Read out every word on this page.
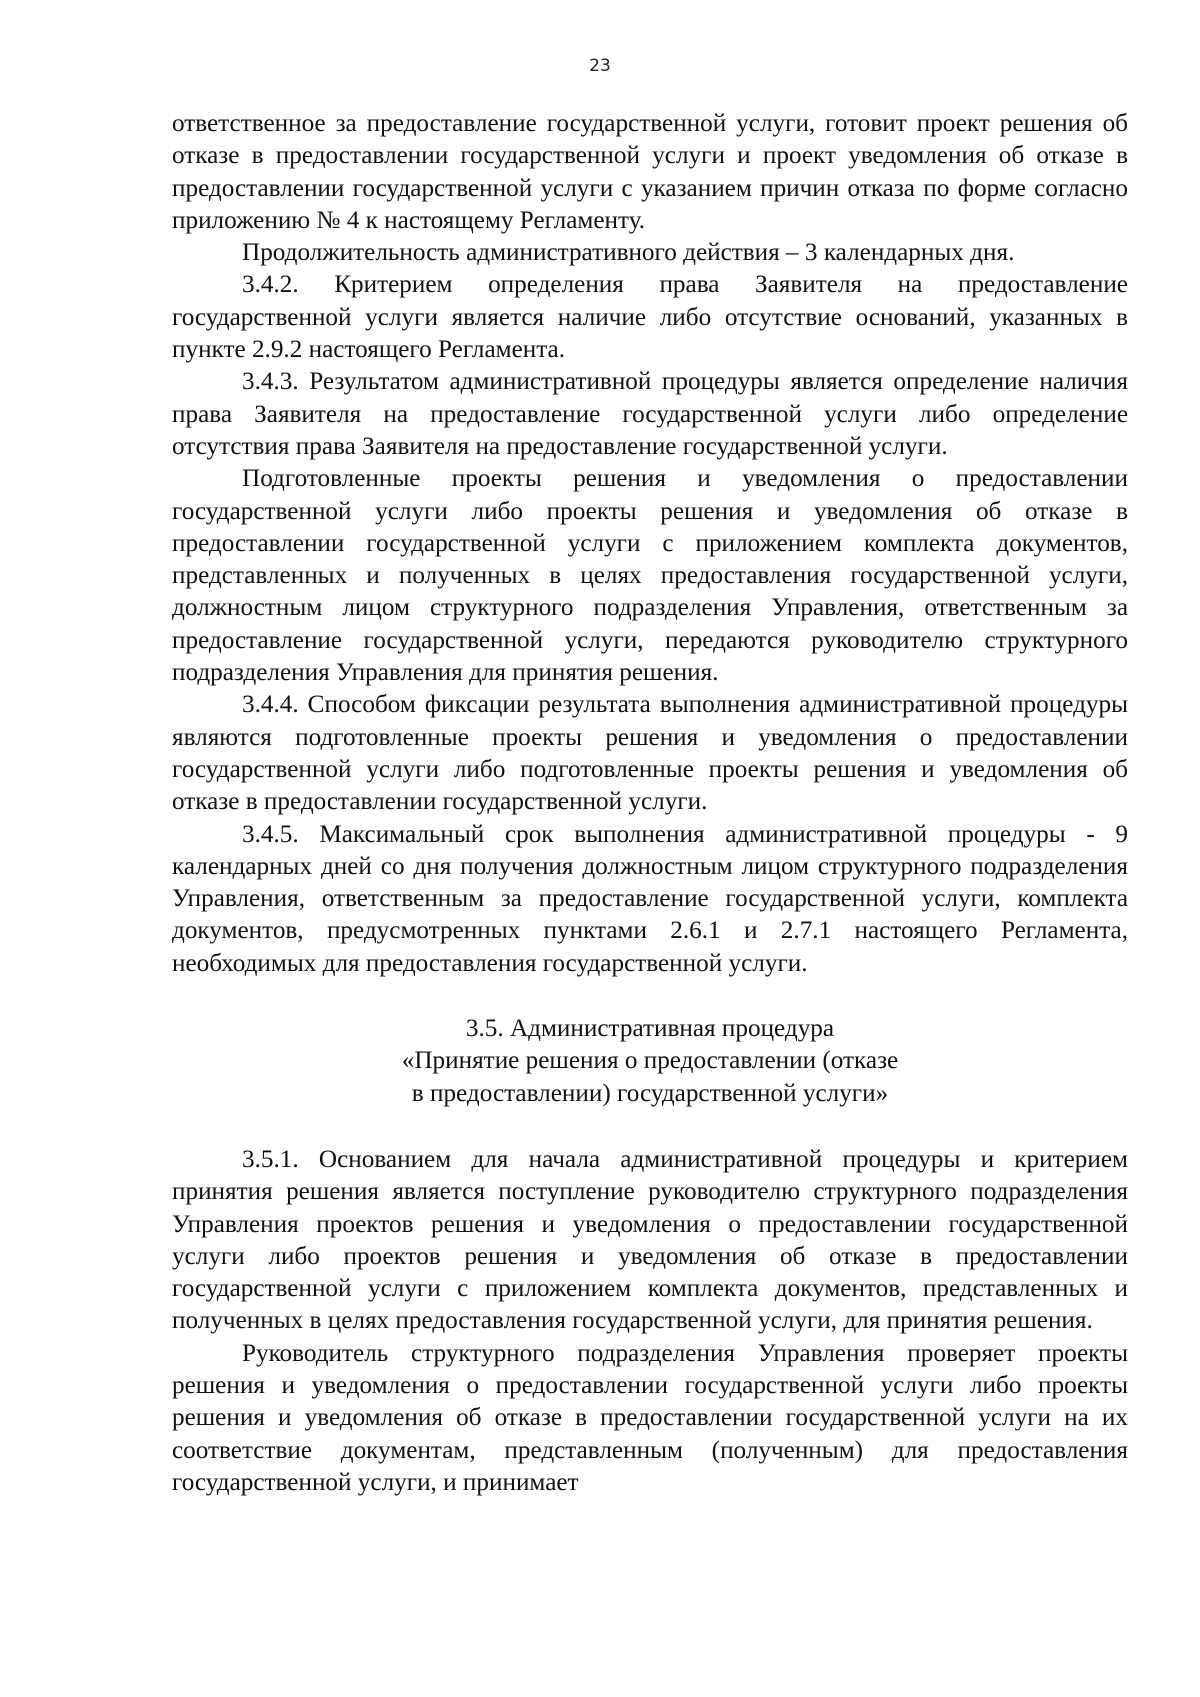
23

ответственное за предоставление государственной услуги, готовит проект решения об отказе в предоставлении государственной услуги и проект уведомления об отказе в предоставлении государственной услуги с указанием причин отказа по форме согласно приложению № 4 к настоящему Регламенту.

Продолжительность административного действия – 3 календарных дня.

3.4.2. Критерием определения права Заявителя на предоставление государственной услуги является наличие либо отсутствие оснований, указанных в пункте 2.9.2 настоящего Регламента.

3.4.3. Результатом административной процедуры является определение наличия права Заявителя на предоставление государственной услуги либо определение отсутствия права Заявителя на предоставление государственной услуги.

Подготовленные проекты решения и уведомления о предоставлении государственной услуги либо проекты решения и уведомления об отказе в предоставлении государственной услуги с приложением комплекта документов, представленных и полученных в целях предоставления государственной услуги, должностным лицом структурного подразделения Управления, ответственным за предоставление государственной услуги, передаются руководителю структурного подразделения Управления для принятия решения.

3.4.4. Способом фиксации результата выполнения административной процедуры являются подготовленные проекты решения и уведомления о предоставлении государственной услуги либо подготовленные проекты решения и уведомления об отказе в предоставлении государственной услуги.

3.4.5. Максимальный срок выполнения административной процедуры - 9 календарных дней со дня получения должностным лицом структурного подразделения Управления, ответственным за предоставление государственной услуги, комплекта документов, предусмотренных пунктами 2.6.1 и 2.7.1 настоящего Регламента, необходимых для предоставления государственной услуги.

3.5. Административная процедура
«Принятие решения о предоставлении (отказе
в предоставлении) государственной услуги»

3.5.1. Основанием для начала административной процедуры и критерием принятия решения является поступление руководителю структурного подразделения Управления проектов решения и уведомления о предоставлении государственной услуги либо проектов решения и уведомления об отказе в предоставлении государственной услуги с приложением комплекта документов, представленных и полученных в целях предоставления государственной услуги, для принятия решения.

Руководитель структурного подразделения Управления проверяет проекты решения и уведомления о предоставлении государственной услуги либо проекты решения и уведомления об отказе в предоставлении государственной услуги на их соответствие документам, представленным (полученным) для предоставления государственной услуги, и принимает
